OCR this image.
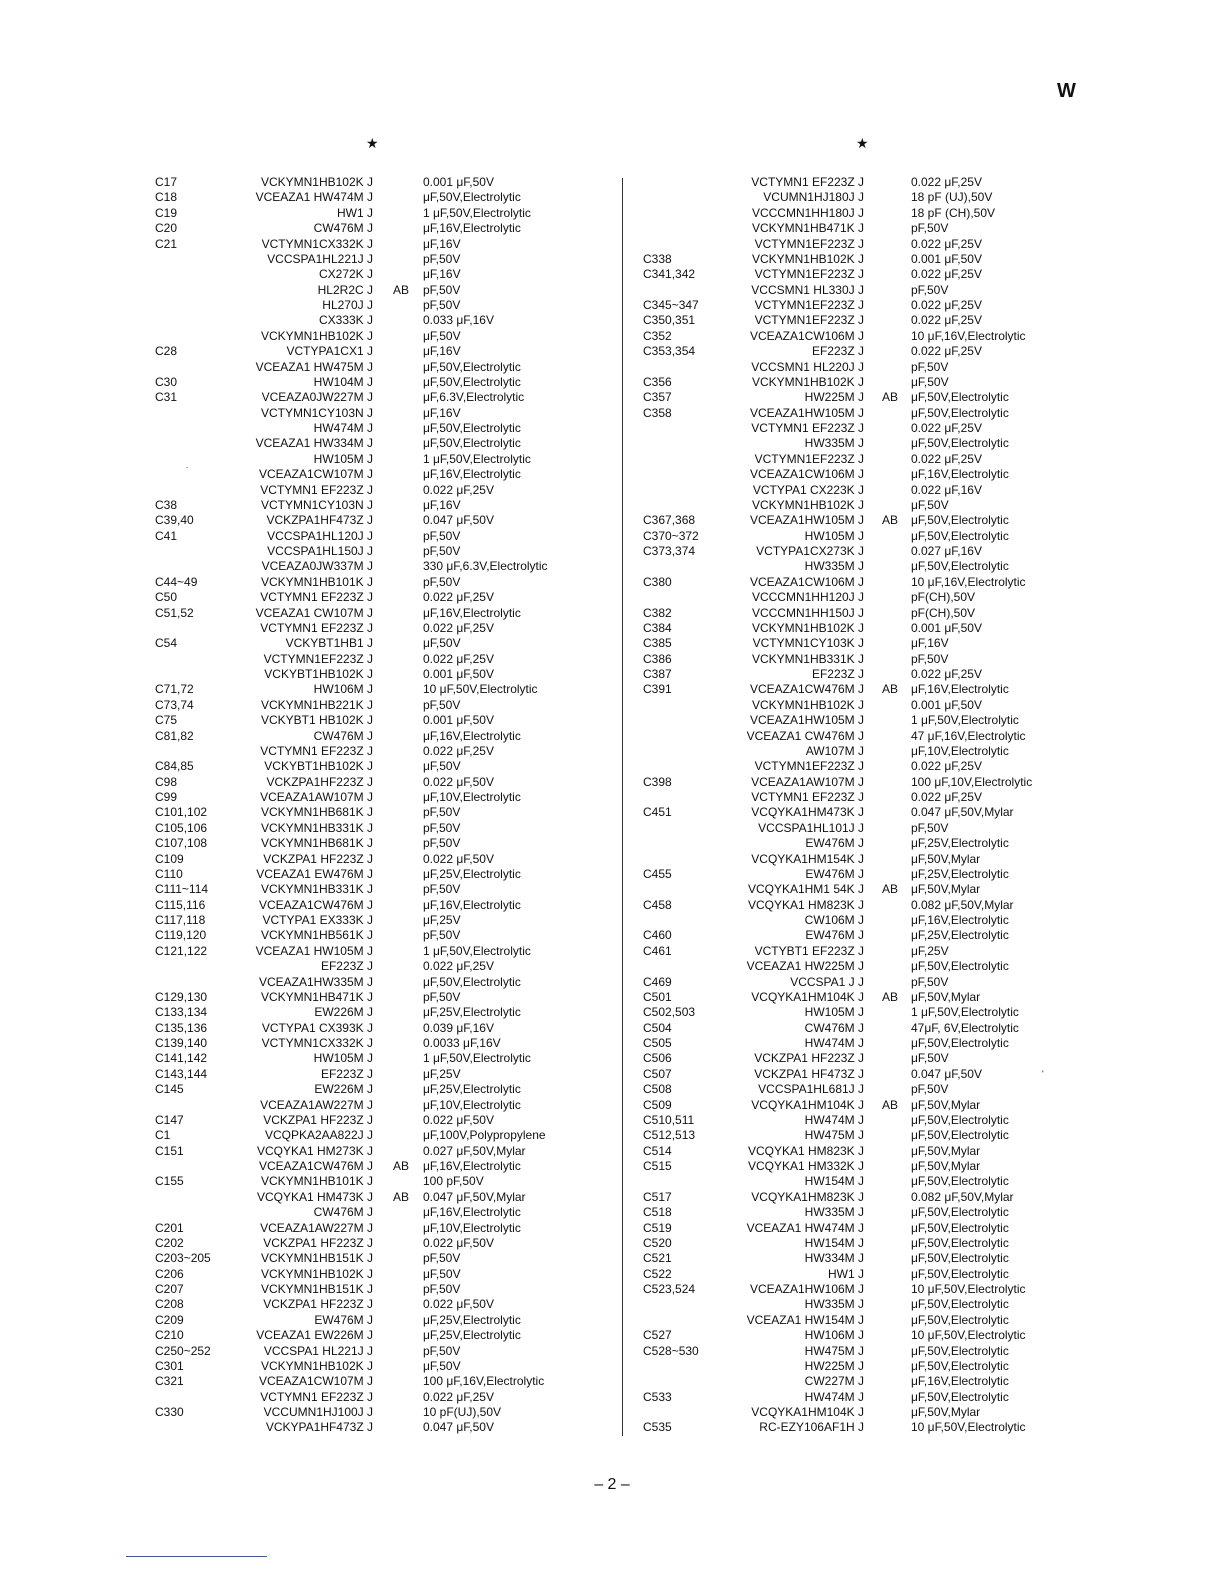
W
★	★
C17	VCKYMN1HB102K J	0.001 μF,50V
C18	VCEAZA1 HW474M J	μF,50V,Electrolytic
C19	HW1 J	1 μF,50V,Electrolytic
C20	CW476M J	μF,16V,Electrolytic
C21	VCTYMN1CX332K J	μF,16V
VCCSPA1HL221J J	pF,50V
CX272K J	μF,16V
HL2R2C J AB pF,50V
HL270J J	pF,50V
CX333K J	0.033 μF,16V
VCKYMN1HB102K J	μF,50V
C28	VCTYPA1CX1 J	μF,16V
VCEAZA1 HW475M J	μF,50V,Electrolytic
C30	HW104M J	μF,50V,Electrolytic
C31	VCEAZA0JW227M J	μF,6.3V,Electrolytic
VCTYMN1CY103N J	μF,16V
HW474M J	μF,50V,Electrolytic
VCEAZA1 HW334M J	μF,50V,Electrolytic
HW105M J	1 μF,50V,Electrolytic
VCEAZA1CW107M J	μF,16V,Electrolytic
VCTYMN1 EF223Z J	0.022 μF,25V
C38	VCTYMN1CY103N J	μF,16V
C39,40	VCKZPA1HF473Z J	0.047 μF,50V
C41	VCCSPA1HL120J J	pF,50V
VCCSPA1HL150J J	pF,50V
VCEAZA0JW337M J	330 μF,6.3V,Electrolytic
C44~49	VCKYMN1HB101K J	pF,50V
C50	VCTYMN1 EF223Z J	0.022 μF,25V
C51,52	VCEAZA1 CW107M J	μF,16V,Electrolytic
VCTYMN1 EF223Z J	0.022 μF,25V
C54	VCKYBT1HB1 J	μF,50V
VCTYMN1EF223Z J	0.022 μF,25V
VCKYBT1HB102K J	0.001 μF,50V
C71,72	HW106M J	10 μF,50V,Electrolytic
C73,74	VCKYMN1HB221K J	pF,50V
C75	VCKYBT1 HB102K J	0.001 μF,50V
C81,82	CW476M J	μF,16V,Electrolytic
VCTYMN1 EF223Z J	0.022 μF,25V
C84,85	VCKYBT1HB102K J	μF,50V
C98	VCKZPA1HF223Z J	0.022 μF,50V
C99	VCEAZA1AW107M J	μF,10V,Electrolytic
C101,102	VCKYMN1HB681K J	pF,50V
C105,106	VCKYMN1HB331K J	pF,50V
C107,108	VCKYMN1HB681K J	pF,50V
C109	VCKZPA1 HF223Z J	0.022 μF,50V
C110	VCEAZA1 EW476M J	μF,25V,Electrolytic
C111~114	VCKYMN1HB331K J	pF,50V
C115,116	VCEAZA1CW476M J	μF,16V,Electrolytic
C117,118	VCTYPA1 EX333K J	μF,25V
C119,120	VCKYMN1HB561K J	pF,50V
C121,122	VCEAZA1 HW105M J	1 μF,50V,Electrolytic
EF223Z J	0.022 μF,25V
VCEAZA1HW335M J	μF,50V,Electrolytic
C129,130	VCKYMN1HB471K J	pF,50V
C133,134	EW226M J	μF,25V,Electrolytic
C135,136	VCTYPA1 CX393K J	0.039 μF,16V
C139,140	VCTYMN1CX332K J	0.0033 μF,16V
C141,142	HW105M J	1 μF,50V,Electrolytic
C143,144	EF223Z J	μF,25V
C145	EW226M J	μF,25V,Electrolytic
VCEAZA1AW227M J	μF,10V,Electrolytic
C147	VCKZPA1 HF223Z J	0.022 μF,50V
C1	VCQPKA2AA822J J	μF,100V,Polypropylene
C151	VCQYKA1 HM273K J	0.027 μF,50V,Mylar
VCEAZA1CW476M J AB μF,16V,Electrolytic
C155	VCKYMN1HB101K J	100 pF,50V
VCQYKA1 HM473K J AB 0.047 μF,50V,Mylar
CW476M J	μF,16V,Electrolytic
C201	VCEAZA1AW227M J	μF,10V,Electrolytic
C202	VCKZPA1 HF223Z J	0.022 μF,50V
C203~205	VCKYMN1HB151K J	pF,50V
C206	VCKYMN1HB102K J	μF,50V
C207	VCKYMN1HB151K J	pF,50V
C208	VCKZPA1 HF223Z J	0.022 μF,50V
C209	EW476M J	μF,25V,Electrolytic
C210	VCEAZA1 EW226M J	μF,25V,Electrolytic
C250~252	VCCSPA1 HL221J J	pF,50V
C301	VCKYMN1HB102K J	μF,50V
C321	VCEAZA1CW107M J	100 μF,16V,Electrolytic
VCTYMN1 EF223Z J	0.022 μF,25V
C330	VCCUMN1HJ100J J	10 pF(UJ),50V
VCKYPA1HF473Z J	0.047 μF,50V
VCTYMN1 EF223Z J	0.022 μF,25V
VCUMN1HJ180J J	18 pF (UJ),50V
VCCCMN1HH180J J	18 pF (CH),50V
VCKYMN1HB471K J	pF,50V
VCTYMN1EF223Z J	0.022 μF,25V
C338	VCKYMN1HB102K J	0.001 μF,50V
C341,342	VCTYMN1EF223Z J	0.022 μF,25V
VCCSMN1 HL330J J	pF,50V
C345~347	VCTYMN1EF223Z J	0.022 μF,25V
C350,351	VCTYMN1EF223Z J	0.022 μF,25V
C352	VCEAZA1CW106M J	10 μF,16V,Electrolytic
C353,354	EF223Z J	0.022 μF,25V
VCCSMN1 HL220J J	pF,50V
C356	VCKYMN1HB102K J	μF,50V
C357	HW225M J AB μF,50V,Electrolytic
C358	VCEAZA1HW105M J	μF,50V,Electrolytic
VCTYMN1 EF223Z J	0.022 μF,25V
HW335M J	μF,50V,Electrolytic
VCTYMN1EF223Z J	0.022 μF,25V
VCEAZA1CW106M J	μF,16V,Electrolytic
VCTYPA1 CX223K J	0.022 μF,16V
VCKYMN1HB102K J	μF,50V
C367,368	VCEAZA1HW105M J AB μF,50V,Electrolytic
C370~372	HW105M J	μF,50V,Electrolytic
C373,374	VCTYPA1CX273K J	0.027 μF,16V
HW335M J	μF,50V,Electrolytic
C380	VCEAZA1CW106M J	10 μF,16V,Electrolytic
VCCCMN1HH120J J	pF(CH),50V
C382	VCCCMN1HH150J J	pF(CH),50V
C384	VCKYMN1HB102K J	0.001 μF,50V
C385	VCTYMN1CY103K J	μF,16V
C386	VCKYMN1HB331K J	pF,50V
C387	EF223Z J	0.022 μF,25V
C391	VCEAZA1CW476M J AB μF,16V,Electrolytic
VCKYMN1HB102K J	0.001 μF,50V
VCEAZA1HW105M J	1 μF,50V,Electrolytic
VCEAZA1 CW476M J	47 μF,16V,Electrolytic
AW107M J	μF,10V,Electrolytic
VCTYMN1EF223Z J	0.022 μF,25V
C398	VCEAZA1AW107M J	100 μF,10V,Electrolytic
VCTYMN1 EF223Z J	0.022 μF,25V
C451	VCQYKA1HM473K J	0.047 μF,50V,Mylar
VCCSPA1HL101J J	pF,50V
EW476M J	μF,25V,Electrolytic
VCQYKA1HM154K J	μF,50V,Mylar
C455	EW476M J	μF,25V,Electrolytic
VCQYKA1HM1 54K J AB μF,50V,Mylar
C458	VCQYKA1 HM823K J	0.082 μF,50V,Mylar
CW106M J	μF,16V,Electrolytic
C460	EW476M J	μF,25V,Electrolytic
C461	VCTYBT1 EF223Z J	μF,25V
VCEAZA1 HW225M J	μF,50V,Electrolytic
C469	VCCSPA1 J J	pF,50V
C501	VCQYKA1HM104K J AB μF,50V,Mylar
C502,503	HW105M J	1 μF,50V,Electrolytic
C504	CW476M J	47μF, 6V,Electrolytic
C505	HW474M J	μF,50V,Electrolytic
C506	VCKZPA1 HF223Z J	μF,50V
C507	VCKZPA1 HF473Z J	0.047 μF,50V
C508	VCCSPA1HL681J J	pF,50V
C509	VCQYKA1HM104K J AB μF,50V,Mylar
C510,511	HW474M J	μF,50V,Electrolytic
C512,513	HW475M J	μF,50V,Electrolytic
C514	VCQYKA1 HM823K J	μF,50V,Mylar
C515	VCQYKA1 HM332K J	μF,50V,Mylar
HW154M J	μF,50V,Electrolytic
C517	VCQYKA1HM823K J	0.082 μF,50V,Mylar
C518	HW335M J	μF,50V,Electrolytic
C519	VCEAZA1 HW474M J	μF,50V,Electrolytic
C520	HW154M J	μF,50V,Electrolytic
C521	HW334M J	μF,50V,Electrolytic
C522	HW1 J	μF,50V,Electrolytic
C523,524	VCEAZA1HW106M J	10 μF,50V,Electrolytic
HW335M J	μF,50V,Electrolytic
VCEAZA1 HW154M J	μF,50V,Electrolytic
C527	HW106M J	10 μF,50V,Electrolytic
C528~530	HW475M J	μF,50V,Electrolytic
HW225M J	μF,50V,Electrolytic
CW227M J	μF,16V,Electrolytic
C533	HW474M J	μF,50V,Electrolytic
VCQYKA1HM104K J	μF,50V,Mylar
C535	RC-EZY106AF1H J	10 μF,50V,Electrolytic
.
'
– 2 –
